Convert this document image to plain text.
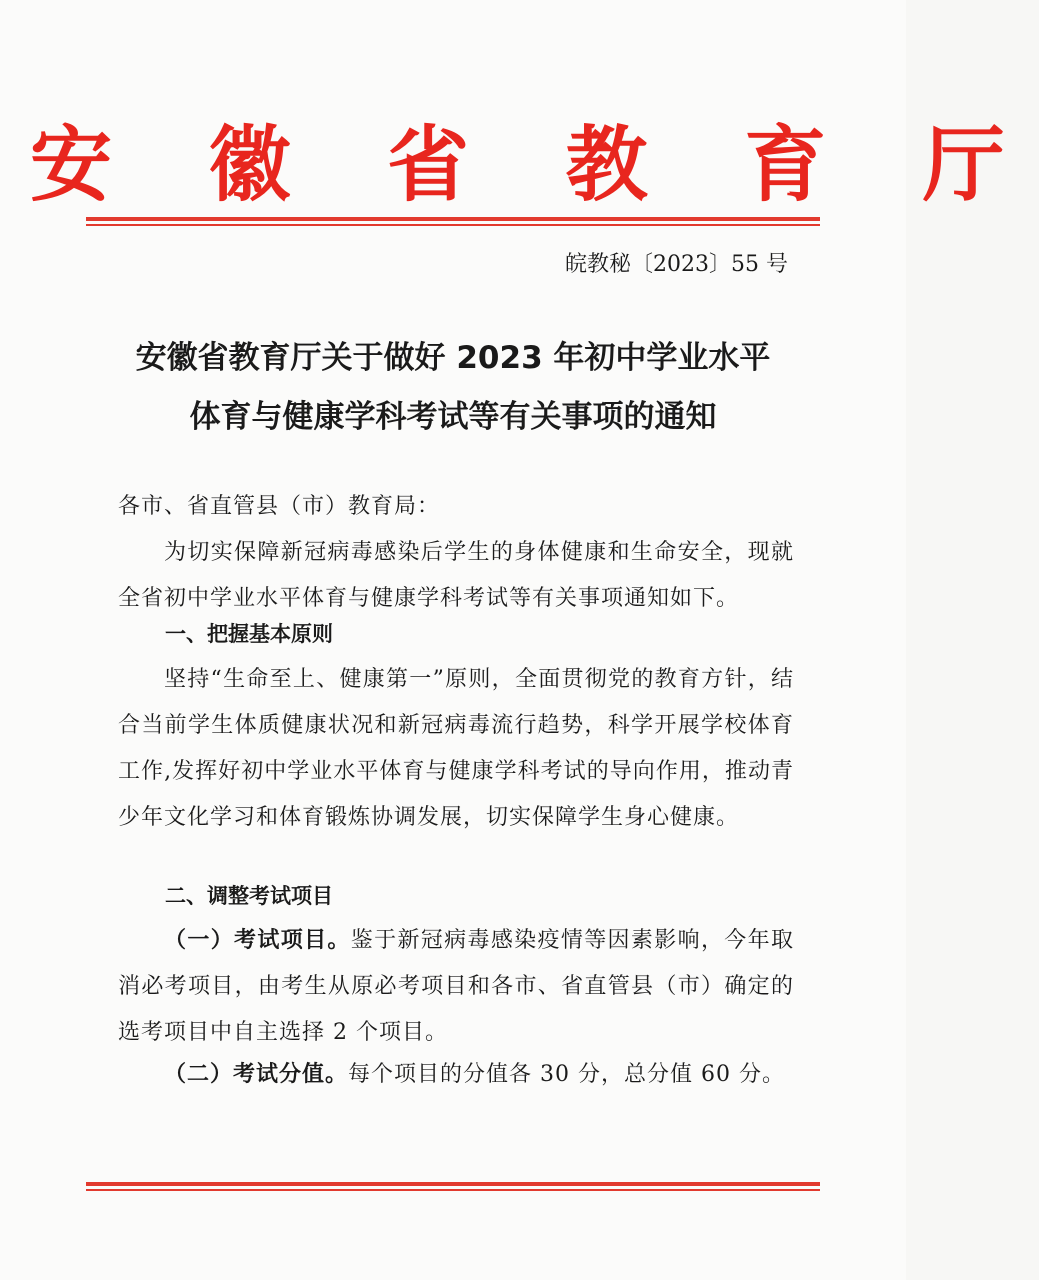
安 徽 省 教 育 厅
皖教秘〔2023〕55 号
安徽省教育厅关于做好 2023 年初中学业水平
体育与健康学科考试等有关事项的通知
各市、省直管县（市）教育局：
为切实保障新冠病毒感染后学生的身体健康和生命安全，现就全省初中学业水平体育与健康学科考试等有关事项通知如下。
一、把握基本原则
坚持“生命至上、健康第一”原则，全面贯彻党的教育方针，结合当前学生体质健康状况和新冠病毒流行趋势，科学开展学校体育工作,发挥好初中学业水平体育与健康学科考试的导向作用，推动青少年文化学习和体育锻炼协调发展，切实保障学生身心健康。
二、调整考试项目
（一）考试项目。鉴于新冠病毒感染疫情等因素影响，今年取消必考项目，由考生从原必考项目和各市、省直管县（市）确定的选考项目中自主选择 2 个项目。
（二）考试分值。每个项目的分值各 30 分，总分值 60 分。
